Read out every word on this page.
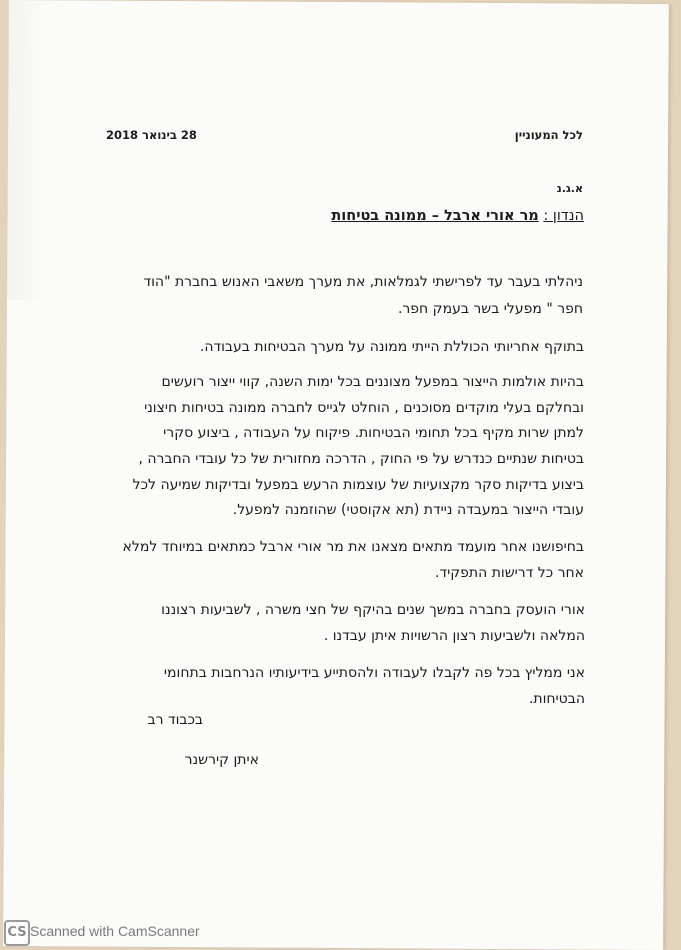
28 בינואר 2018	לכל המעוניין
א.ג.נ
הנדון : מר אורי ארבל – ממונה בטיחות
ניהלתי בעבר עד לפרישתי לגמלאות, את מערך משאבי האנוש בחברת "הוד
חפר " מפעלי בשר בעמק חפר.
בתוקף אחריותי הכוללת הייתי ממונה על מערך הבטיחות בעבודה.
בהיות אולמות הייצור במפעל מצוננים בכל ימות השנה, קווי ייצור רועשים
ובחלקם בעלי מוקדים מסוכנים , הוחלט לגייס לחברה ממונה בטיחות חיצוני
למתן שרות מקיף בכל תחומי הבטיחות. פיקוח על העבודה , ביצוע סקרי
בטיחות שנתיים כנדרש על פי החוק , הדרכה מחזורית של כל עובדי החברה ,
ביצוע בדיקות סקר מקצועיות של עוצמות הרעש במפעל ובדיקות שמיעה לכל
עובדי הייצור במעבדה ניידת (תא אקוסטי) שהוזמנה למפעל.
בחיפושנו אחר מועמד מתאים מצאנו את מר אורי ארבל כמתאים במיוחד למלא
אחר כל דרישות התפקיד.
אורי הועסק בחברה במשך שנים בהיקף של חצי משרה , לשביעות רצוננו
המלאה ולשביעות רצון הרשויות איתן עבדנו .
אני ממליץ בכל פה לקבלו לעבודה ולהסתייע בידיעותיו הנרחבות בתחומי
הבטיחות.
בכבוד רב
איתן קירשנר
CS Scanned with CamScanner
